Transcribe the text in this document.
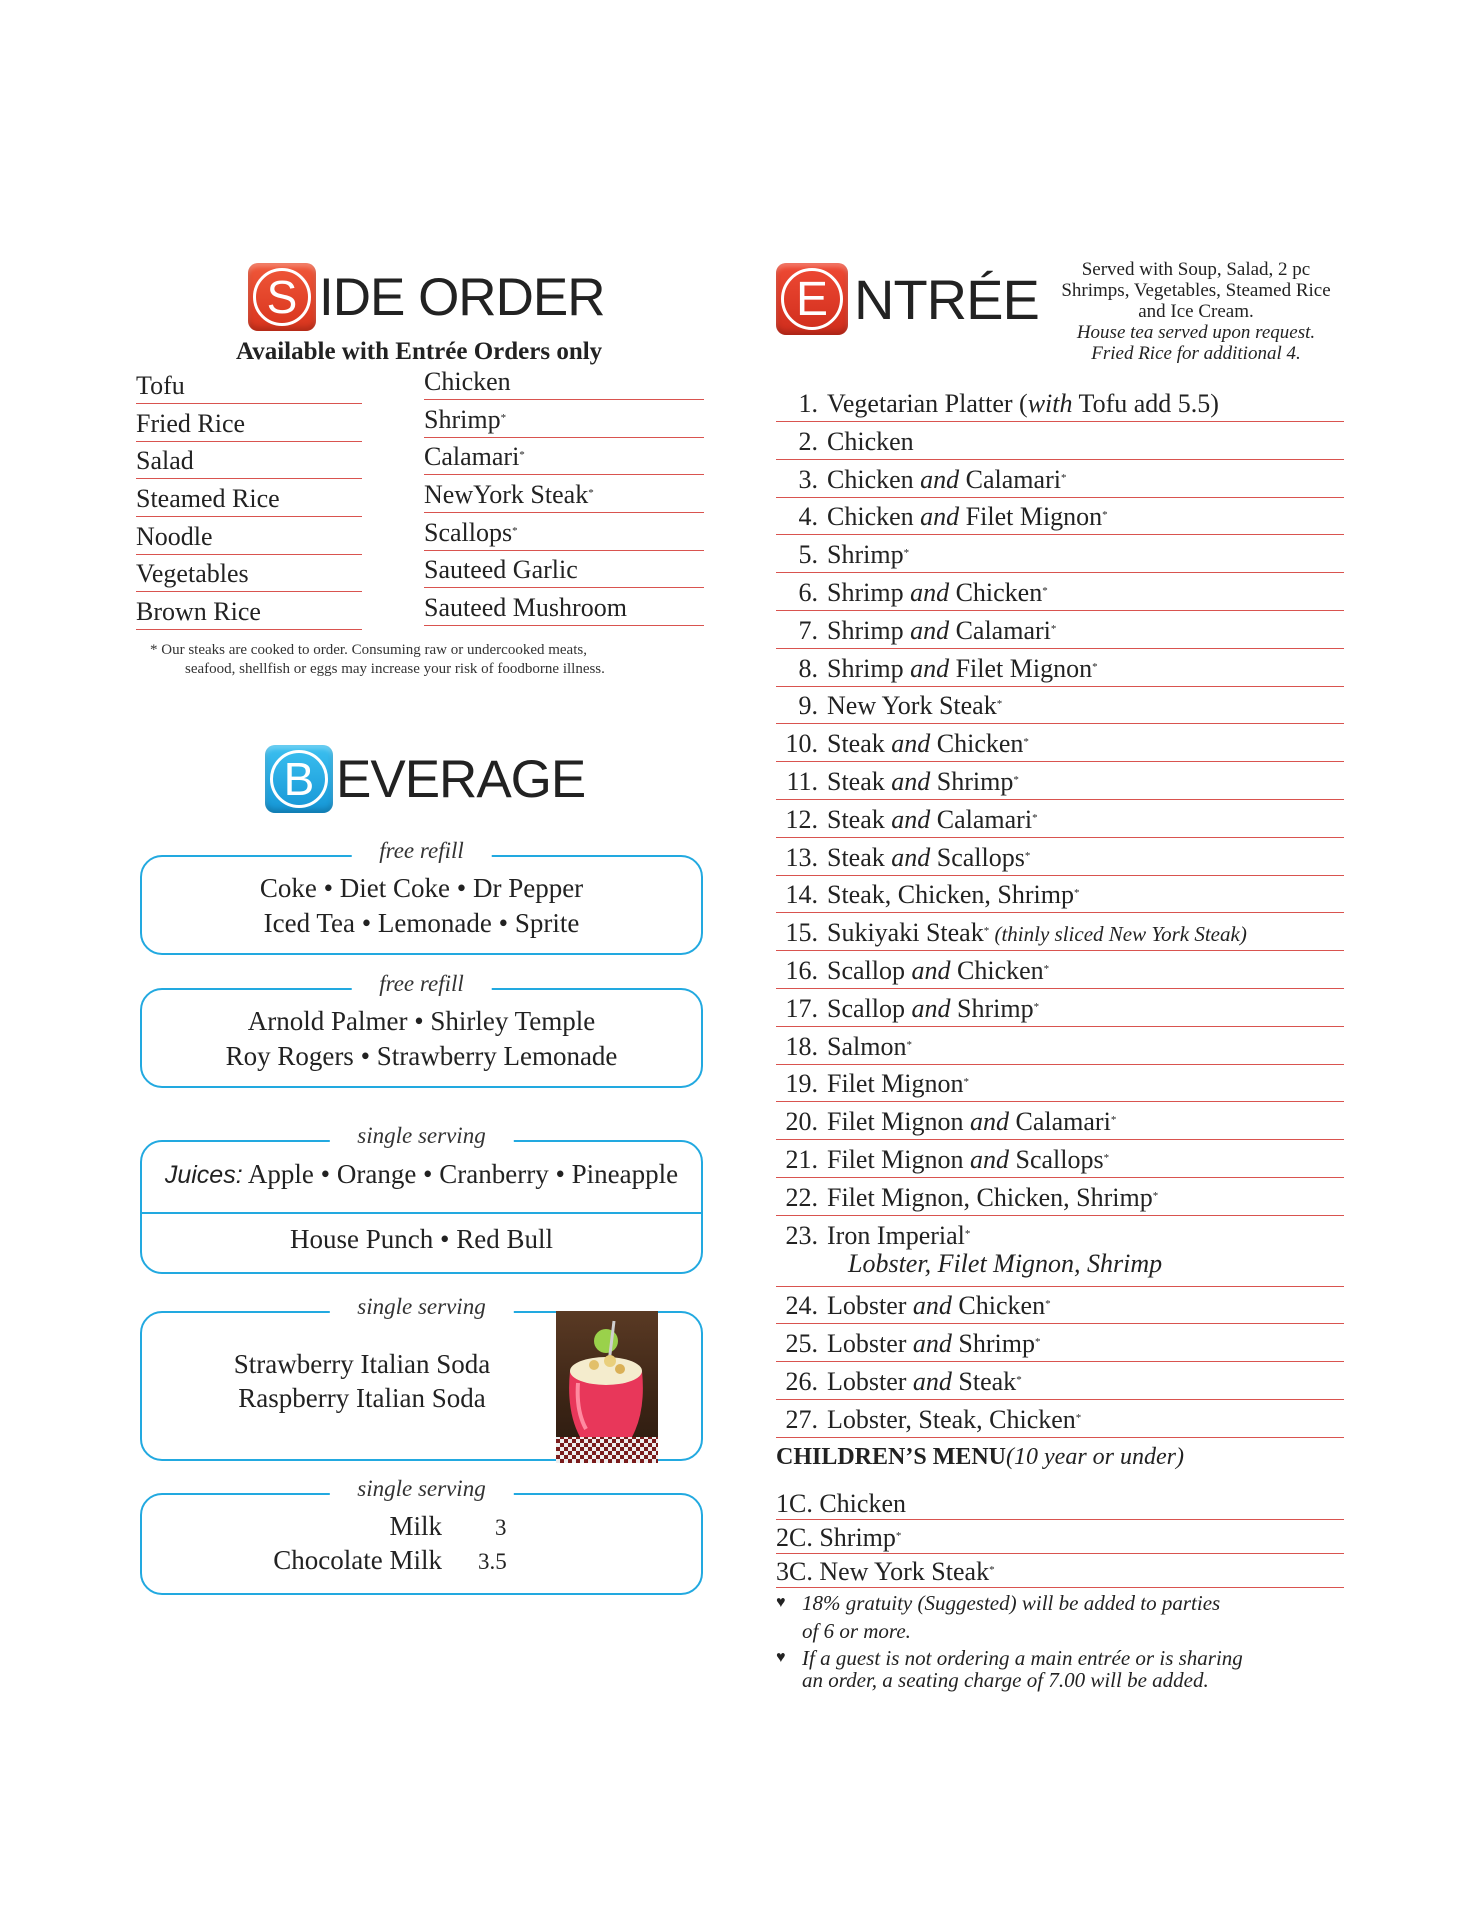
S IDE ORDER
Available with Entrée Orders only
Tofu
Fried Rice
Salad
Steamed Rice
Noodle
Vegetables
Brown Rice
Chicken
Shrimp*
Calamari*
NewYork Steak*
Scallops*
Sauteed Garlic
Sauteed Mushroom
* Our steaks are cooked to order. Consuming raw or undercooked meats,
seafood, shellfish or eggs may increase your risk of foodborne illness.
B EVERAGE
free refill
Coke • Diet Coke • Dr Pepper
Iced Tea • Lemonade • Sprite
free refill
Arnold Palmer • Shirley Temple
Roy Rogers • Strawberry Lemonade
single serving
Juices: Apple • Orange • Cranberry • Pineapple
House Punch • Red Bull
single serving
Strawberry Italian Soda
Raspberry Italian Soda
single serving
Milk 3
Chocolate Milk 3.5
E NTRÉE	Served with Soup, Salad, 2 pc
Shrimps, Vegetables, Steamed Rice
and Ice Cream.
House tea served upon request.
Fried Rice for additional 4.
1. Vegetarian Platter (with Tofu add 5.5)
2. Chicken
3. Chicken and Calamari*
4. Chicken and Filet Mignon*
5. Shrimp*
6. Shrimp and Chicken*
7. Shrimp and Calamari*
8. Shrimp and Filet Mignon*
9. New York Steak*
10. Steak and Chicken*
11. Steak and Shrimp*
12. Steak and Calamari*
13. Steak and Scallops*
14. Steak, Chicken, Shrimp*
15. Sukiyaki Steak* (thinly sliced New York Steak)
16. Scallop and Chicken*
17. Scallop and Shrimp*
18. Salmon*
19. Filet Mignon*
20. Filet Mignon and Calamari*
21. Filet Mignon and Scallops*
22. Filet Mignon, Chicken, Shrimp*
23. Iron Imperial*
Lobster, Filet Mignon, Shrimp
24. Lobster and Chicken*
25. Lobster and Shrimp*
26. Lobster and Steak*
27. Lobster, Steak, Chicken*
CHILDREN’S MENU(10 year or under)
1C. Chicken
2C. Shrimp*
3C. New York Steak*
♥ 18% gratuity (Suggested) will be added to parties
of 6 or more.
♥ If a guest is not ordering a main entrée or is sharing
an order, a seating charge of 7.00 will be added.
